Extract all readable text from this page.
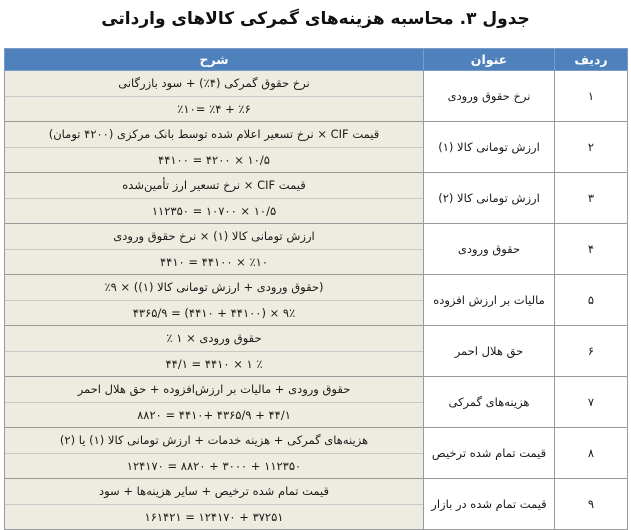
جدول ۳. محاسبه هزینه‌های گمرکی کالاهای وارداتی
ردیف	عنوان	شرح
۱	نرخ حقوق ورودی	نرخ حقوق گمرکی (۴٪) + سود بازرگانی
٪۶ + ٪۴ =٪۱۰

۲	ارزش تومانی کالا (۱)	قیمت CIF × نرخ تسعیر اعلام شده توسط بانک مرکزی (۴۲۰۰ تومان)
۱۰/۵ × ۴۲۰۰ = ۴۴۱۰۰

۳	ارزش تومانی کالا (۲)	قیمت CIF × نرخ تسعیر ارز تأمین‌شده
۱۰/۵ × ۱۰۷۰۰ = ۱۱۲۳۵۰

۴	حقوق ورودی	ارزش تومانی کالا (۱) × نرخ حقوق ورودی
٪۱۰ × ۴۴۱۰۰ = ۴۴۱۰

۵	مالیات بر ارزش افزوده	(حقوق ورودی + ارزش تومانی کالا (۱)) × ۹٪
۹٪ × (۴۴۱۰۰ + ۴۴۱۰) = ۴۳۶۵/۹

۶	حق هلال احمر	حقوق ورودی × ۱ ٪
٪ ۱ × ۴۴۱۰ = ۴۴/۱

۷	هزینه‌های گمرکی	حقوق ورودی + مالیات بر ارزش‌افزوده + حق هلال احمر
۴۴/۱ + ۴۳۶۵/۹ +۴۴۱۰ = ۸۸۲۰

۸	قیمت تمام شده ترخیص	هزینه‌های گمرکی + هزینه خدمات + ارزش تومانی کالا (۱) یا (۲)
۱۱۲۳۵۰ + ۳۰۰۰ + ۸۸۲۰ = ۱۲۴۱۷۰

۹	قیمت تمام شده در بازار	قیمت تمام شده ترخیص + سایر هزینه‌ها + سود
۳۷۲۵۱ + ۱۲۴۱۷۰ = ۱۶۱۴۲۱
